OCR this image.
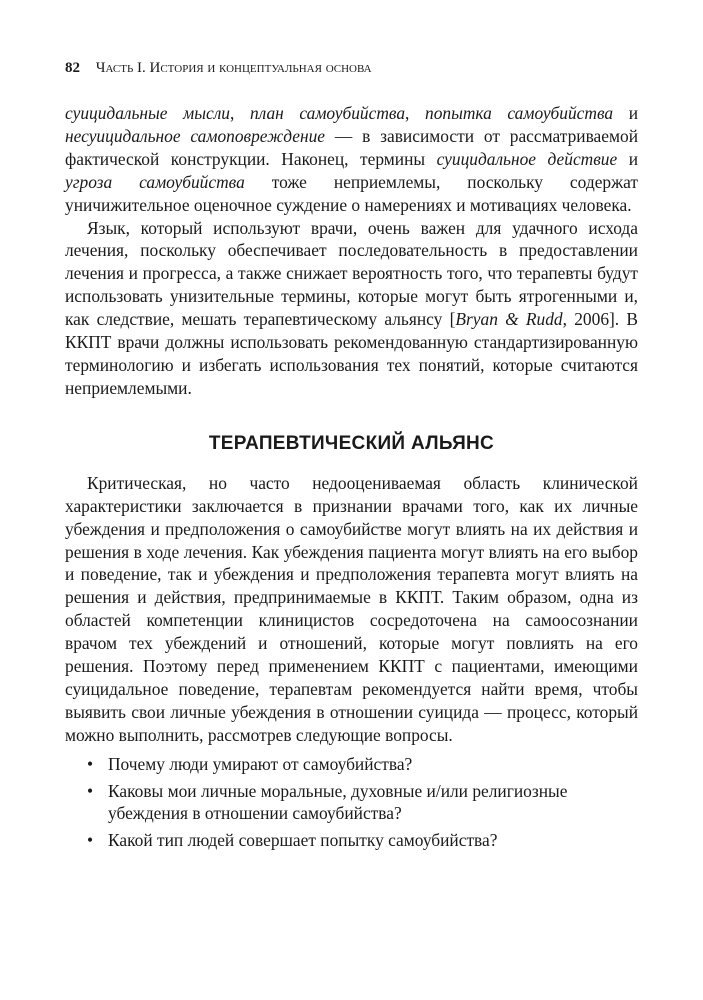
82 Часть I. История и концептуальная основа

суицидальные мысли, план самоубийства, попытка самоубийства и несуицидальное самоповреждение — в зависимости от рассматриваемой фактической конструкции. Наконец, термины суицидальное действие и угроза самоубийства тоже неприемлемы, поскольку содержат уничижительное оценочное суждение о намерениях и мотивациях человека.

Язык, который используют врачи, очень важен для удачного исхода лечения, поскольку обеспечивает последовательность в предоставлении лечения и прогресса, а также снижает вероятность того, что терапевты будут использовать унизительные термины, которые могут быть ятрогенными и, как следствие, мешать терапевтическому альянсу [Bryan & Rudd, 2006]. В ККПТ врачи должны использовать рекомендованную стандартизированную терминологию и избегать использования тех понятий, которые считаются неприемлемыми.

ТЕРАПЕВТИЧЕСКИЙ АЛЬЯНС

Критическая, но часто недооцениваемая область клинической характеристики заключается в признании врачами того, как их личные убеждения и предположения о самоубийстве могут влиять на их действия и решения в ходе лечения. Как убеждения пациента могут влиять на его выбор и поведение, так и убеждения и предположения терапевта могут влиять на решения и действия, предпринимаемые в ККПТ. Таким образом, одна из областей компетенции клиницистов сосредоточена на самоосознании врачом тех убеждений и отношений, которые могут повлиять на его решения. Поэтому перед применением ККПТ с пациентами, имеющими суицидальное поведение, терапевтам рекомендуется найти время, чтобы выявить свои личные убеждения в отношении суицида — процесс, который можно выполнить, рассмотрев следующие вопросы.

• Почему люди умирают от самоубийства?
• Каковы мои личные моральные, духовные и/или религиозные убеждения в отношении самоубийства?
• Какой тип людей совершает попытку самоубийства?
